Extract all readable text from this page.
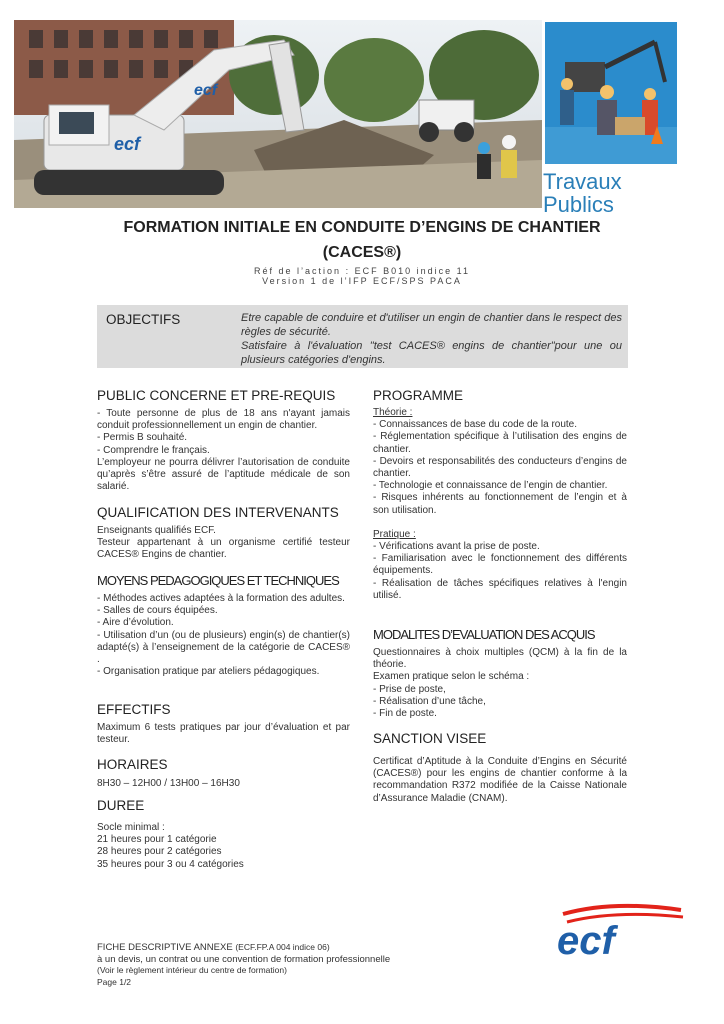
ecf
ecf
Travaux
Publics
FORMATION INITIALE EN CONDUITE D’ENGINS DE CHANTIER
(CACES®)
Réf de l’action : ECF B010 indice 11
Version 1 de l’IFP ECF/SPS PACA
OBJECTIFS	Etre capable de conduire et d'utiliser un engin de chantier dans le respect des règles de sécurité.
Satisfaire à l'évaluation "test CACES® engins de chantier"pour une ou plusieurs catégories d'engins.
PUBLIC CONCERNE ET PRE-REQUIS
- Toute personne de plus de 18 ans n'ayant jamais conduit professionnellement un engin de chantier.
- Permis B souhaité.
- Comprendre le français.
L’employeur ne pourra délivrer l’autorisation de conduite qu’après s’être assuré de l’aptitude médicale de son salarié.
QUALIFICATION DES INTERVENANTS
Enseignants qualifiés ECF.
Testeur appartenant à un organisme certifié testeur CACES® Engins de chantier.
MOYENS PEDAGOGIQUES ET TECHNIQUES
- Méthodes actives adaptées à la formation des adultes.
- Salles de cours équipées.
- Aire d’évolution.
- Utilisation d’un (ou de plusieurs) engin(s) de chantier(s) adapté(s) à l’enseignement de la catégorie de CACES® .
- Organisation pratique par ateliers pédagogiques.
EFFECTIFS
Maximum 6 tests pratiques par jour d’évaluation et par testeur.
HORAIRES
8H30 – 12H00 / 13H00 – 16H30
DUREE
Socle minimal :
21 heures pour 1 catégorie
28 heures pour 2 catégories
35 heures pour 3 ou 4 catégories
PROGRAMME
Théorie :
- Connaissances de base du code de la route.
- Réglementation spécifique à l’utilisation des engins de chantier.
- Devoirs et responsabilités des conducteurs d’engins de chantier.
- Technologie et connaissance de l’engin de chantier.
- Risques inhérents au fonctionnement de l’engin et à son utilisation.
Pratique :
- Vérifications avant la prise de poste.
- Familiarisation avec le fonctionnement des différents équipements.
- Réalisation de tâches spécifiques relatives à l'engin utilisé.
MODALITES D’EVALUATION DES ACQUIS
Questionnaires à choix multiples (QCM) à la fin de la théorie.
Examen pratique selon le schéma :
- Prise de poste,
- Réalisation d’une tâche,
- Fin de poste.
SANCTION VISEE
Certificat d’Aptitude à la Conduite d’Engins en Sécurité (CACES®) pour les engins de chantier conforme à la recommandation R372 modifiée de la Caisse Nationale d’Assurance Maladie (CNAM).
FICHE DESCRIPTIVE ANNEXE (ECF.FP.A 004 indice 06)
à un devis, un contrat ou une convention de formation professionnelle
(Voir le règlement intérieur du centre de formation)
Page 1/2
ecf
